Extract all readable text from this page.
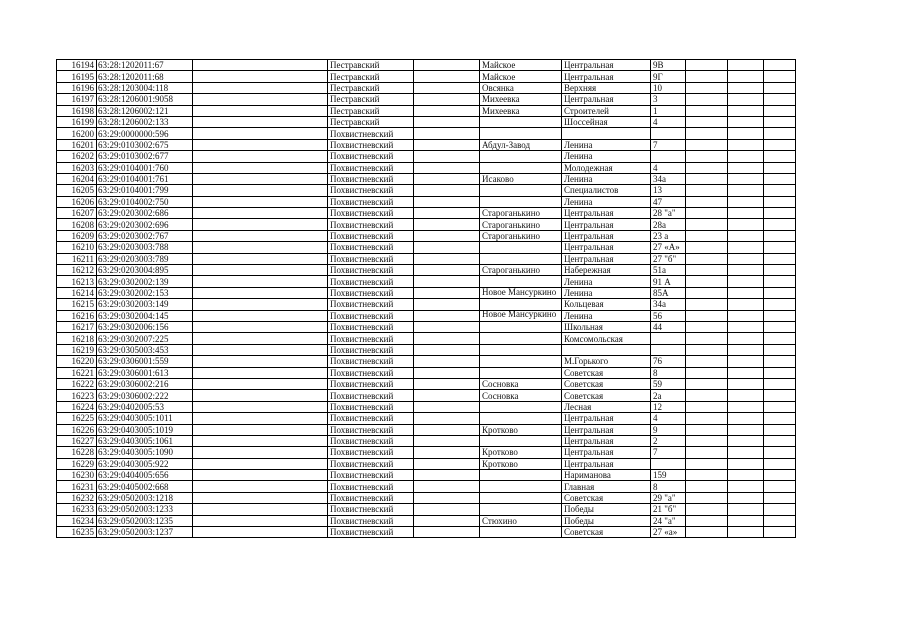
16194	63:28:1202011:67		Пестравский		Майское	Центральная	9В			
16195	63:28:1202011:68		Пестравский		Майское	Центральная	9Г			
16196	63:28:1203004:118		Пестравский		Овсянка	Верхняя	10			
16197	63:28:1206001:9058		Пестравский		Михеевка	Центральная	3			
16198	63:28:1206002:121		Пестравский		Михеевка	Строителей	1			
16199	63:28:1206002:133		Пестравский			Шоссейная	4			
16200	63:29:0000000:596		Похвистневский							
16201	63:29:0103002:675		Похвистневский		Абдул-Завод	Ленина	7			
16202	63:29:0103002:677		Похвистневский			Ленина				
16203	63:29:0104001:760		Похвистневский			Молодежная	4			
16204	63:29:0104001:761		Похвистневский		Исаково	Ленина	34а			
16205	63:29:0104001:799		Похвистневский			Специалистов	13			
16206	63:29:0104002:750		Похвистневский			Ленина	47			
16207	63:29:0203002:686		Похвистневский		Староганькино	Центральная	28 "а"			
16208	63:29:0203002:696		Похвистневский		Староганькино	Центральная	28а			
16209	63:29:0203002:767		Похвистневский		Староганькино	Центральная	23 а			
16210	63:29:0203003:788		Похвистневский			Центральная	27 «А»			
16211	63:29:0203003:789		Похвистневский			Центральная	27 "б"			
16212	63:29:0203004:895		Похвистневский		Староганькино	Набережная	51а			
16213	63:29:0302002:139		Похвистневский			Ленина	91 А			
16214	63:29:0302002:153		Похвистневский		Новое Мансуркино	Ленина	85А			
16215	63:29:0302003:149		Похвистневский			Кольцевая	34а			
16216	63:29:0302004:145		Похвистневский		Новое Мансуркино	Ленина	56			
16217	63:29:0302006:156		Похвистневский			Школьная	44			
16218	63:29:0302007:225		Похвистневский			Комсомольская				
16219	63:29:0305003:453		Похвистневский							
16220	63:29:0306001:559		Похвистневский			М.Горького	76			
16221	63:29:0306001:613		Похвистневский			Советская	8			
16222	63:29:0306002:216		Похвистневский		Сосновка	Советская	59			
16223	63:29:0306002:222		Похвистневский		Сосновка	Советская	2а			
16224	63:29:0402005:53		Похвистневский			Лесная	12			
16225	63:29:0403005:1011		Похвистневский			Центральная	4			
16226	63:29:0403005:1019		Похвистневский		Кротково	Центральная	9			
16227	63:29:0403005:1061		Похвистневский			Центральная	2			
16228	63:29:0403005:1090		Похвистневский		Кротково	Центральная	7			
16229	63:29:0403005:922		Похвистневский		Кротково	Центральная				
16230	63:29:0404005:656		Похвистневский			Нариманова	159			
16231	63:29:0405002:668		Похвистневский			Главная	8			
16232	63:29:0502003:1218		Похвистневский			Советская	29 "а"			
16233	63:29:0502003:1233		Похвистневский			Победы	21 "б"			
16234	63:29:0502003:1235		Похвистневский		Стюхино	Победы	24 "а"			
16235	63:29:0502003:1237		Похвистневский			Советская	27 «а»			
